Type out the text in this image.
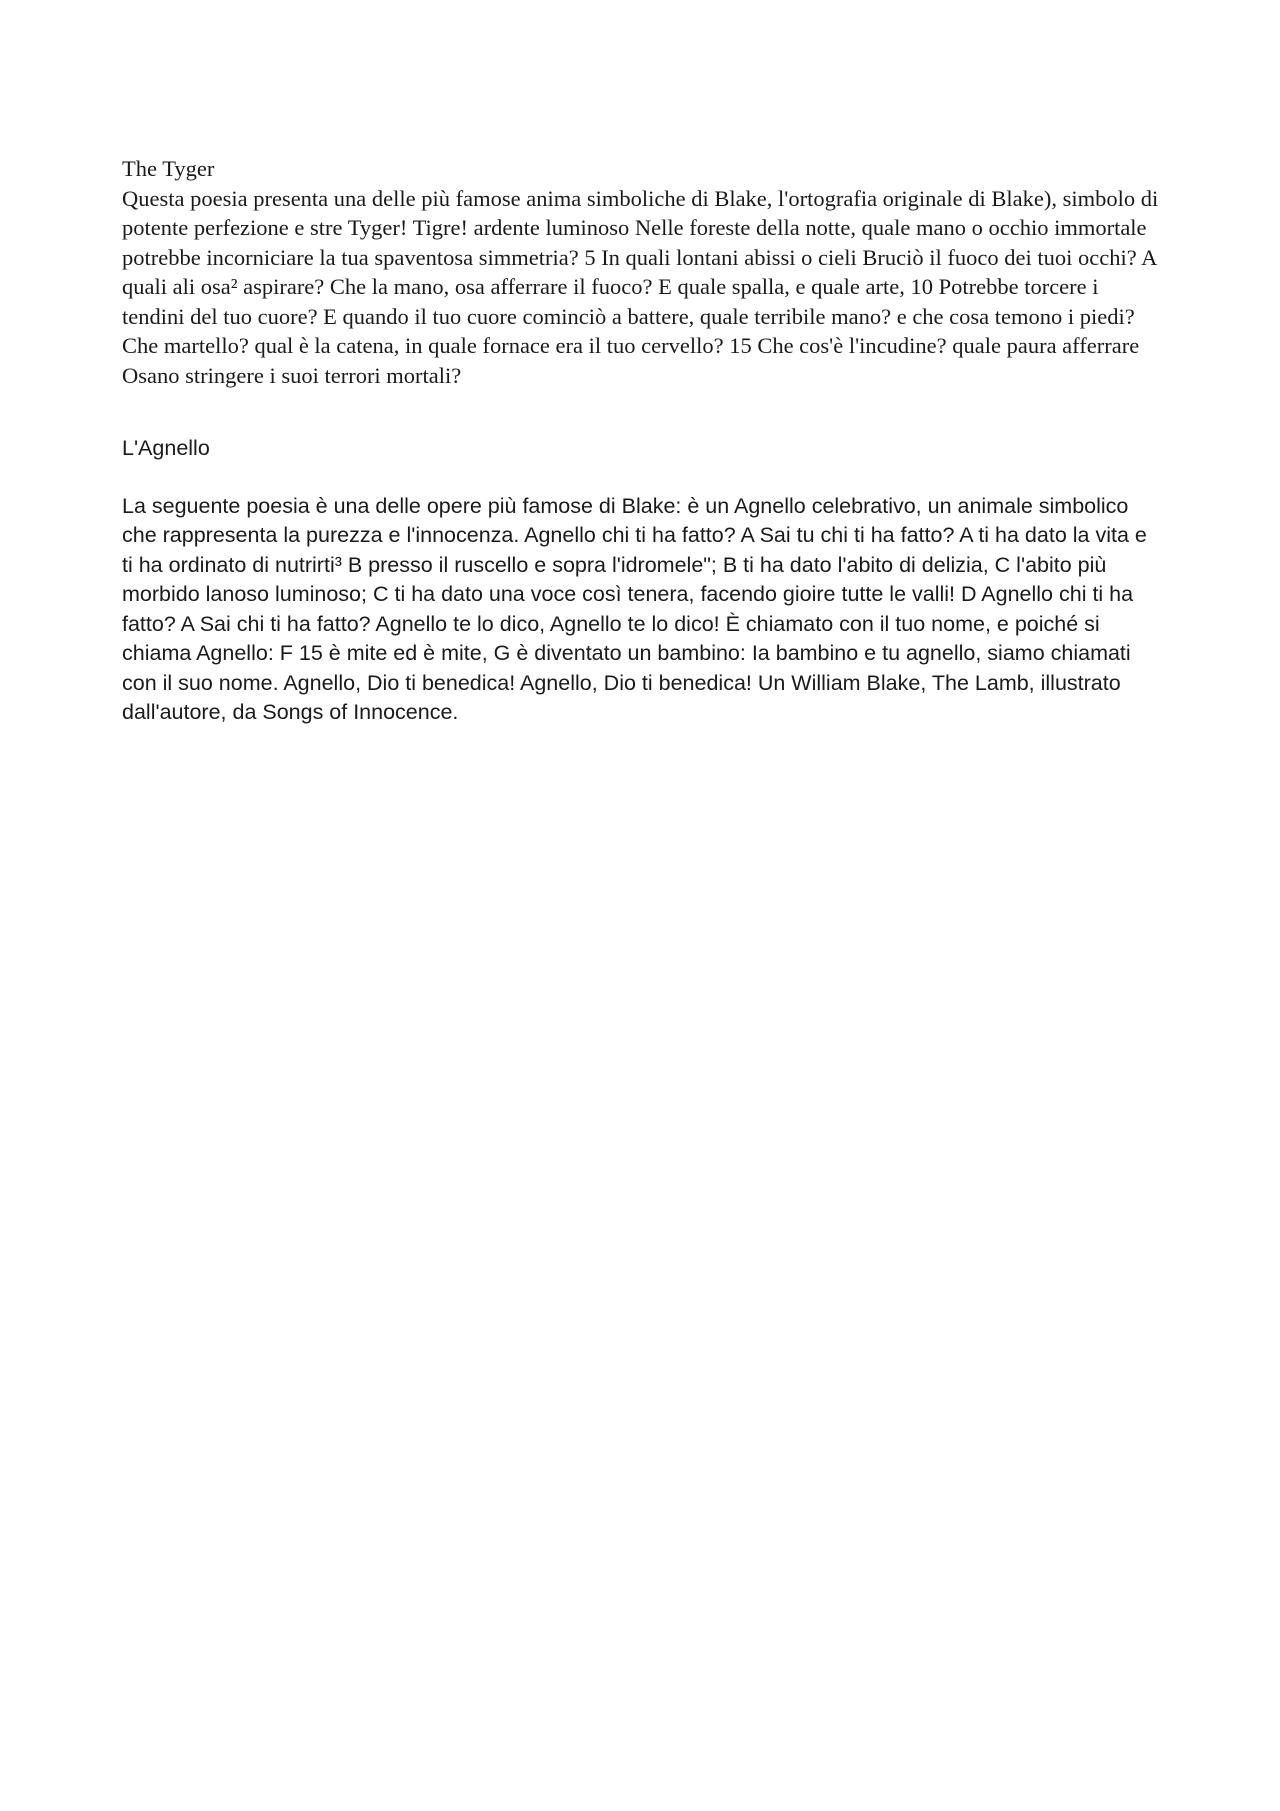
The Tyger

Questa poesia presenta una delle più famose anima simboliche di Blake, l'ortografia originale di Blake), simbolo di potente perfezione e stre Tyger! Tigre! ardente luminoso Nelle foreste della notte, quale mano o occhio immortale potrebbe incorniciare la tua spaventosa simmetria? 5 In quali lontani abissi o cieli Bruciò il fuoco dei tuoi occhi? A quali ali osa² aspirare? Che la mano, osa afferrare il fuoco? E quale spalla, e quale arte, 10 Potrebbe torcere i tendini del tuo cuore? E quando il tuo cuore cominciò a battere, quale terribile mano? e che cosa temono i piedi? Che martello? qual è la catena, in quale fornace era il tuo cervello? 15 Che cos'è l'incudine? quale paura afferrare Osano stringere i suoi terrori mortali?

L'Agnello

La seguente poesia è una delle opere più famose di Blake: è un Agnello celebrativo, un animale simbolico che rappresenta la purezza e l'innocenza. Agnello chi ti ha fatto? A Sai tu chi ti ha fatto? A ti ha dato la vita e ti ha ordinato di nutrirti³ B presso il ruscello e sopra l'idromele"; B ti ha dato l'abito di delizia, C l'abito più morbido lanoso luminoso; C ti ha dato una voce così tenera, facendo gioire tutte le valli! D Agnello chi ti ha fatto? A Sai chi ti ha fatto? Agnello te lo dico, Agnello te lo dico! È chiamato con il tuo nome, e poiché si chiama Agnello: F 15 è mite ed è mite, G è diventato un bambino: Ia bambino e tu agnello, siamo chiamati con il suo nome. Agnello, Dio ti benedica! Agnello, Dio ti benedica! Un William Blake, The Lamb, illustrato dall'autore, da Songs of Innocence.
